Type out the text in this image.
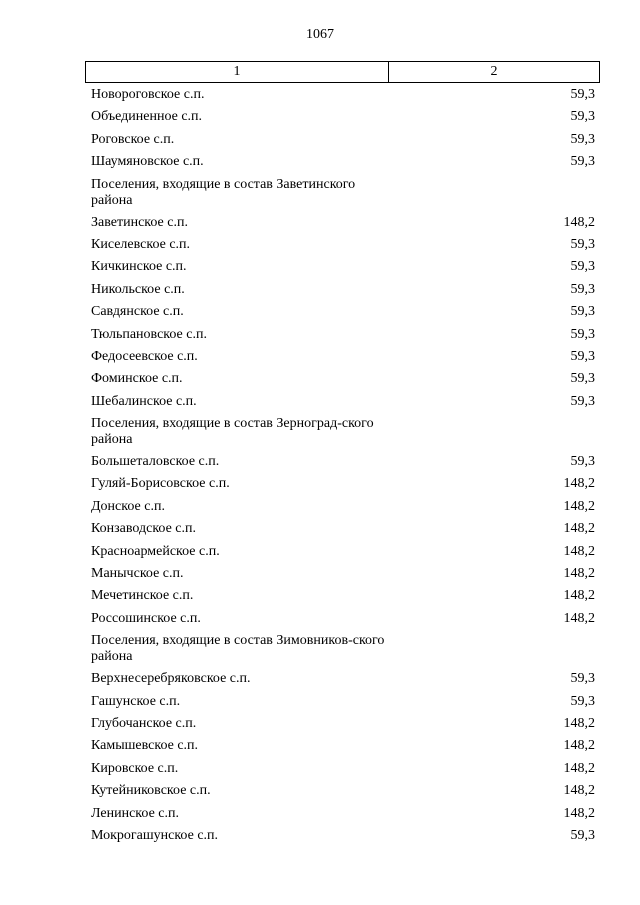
1067
1	2
Новороговское с.п.	59,3
Объединенное с.п.	59,3
Роговское с.п.	59,3
Шаумяновское с.п.	59,3
Поселения, входящие в состав Заветинского района
Заветинское с.п.	148,2
Киселевское с.п.	59,3
Кичкинское с.п.	59,3
Никольское с.п.	59,3
Савдянское с.п.	59,3
Тюльпановское с.п.	59,3
Федосеевское с.п.	59,3
Фоминское с.п.	59,3
Шебалинское с.п.	59,3
Поселения, входящие в состав Зерноград-ского района
Большеталовское с.п.	59,3
Гуляй-Борисовское с.п.	148,2
Донское с.п.	148,2
Конзаводское с.п.	148,2
Красноармейское с.п.	148,2
Манычское с.п.	148,2
Мечетинское с.п.	148,2
Россошинское с.п.	148,2
Поселения, входящие в состав Зимовников-ского района
Верхнесеребряковское с.п.	59,3
Гашунское с.п.	59,3
Глубочанское с.п.	148,2
Камышевское с.п.	148,2
Кировское с.п.	148,2
Кутейниковское с.п.	148,2
Ленинское с.п.	148,2
Мокрогашунское с.п.	59,3
